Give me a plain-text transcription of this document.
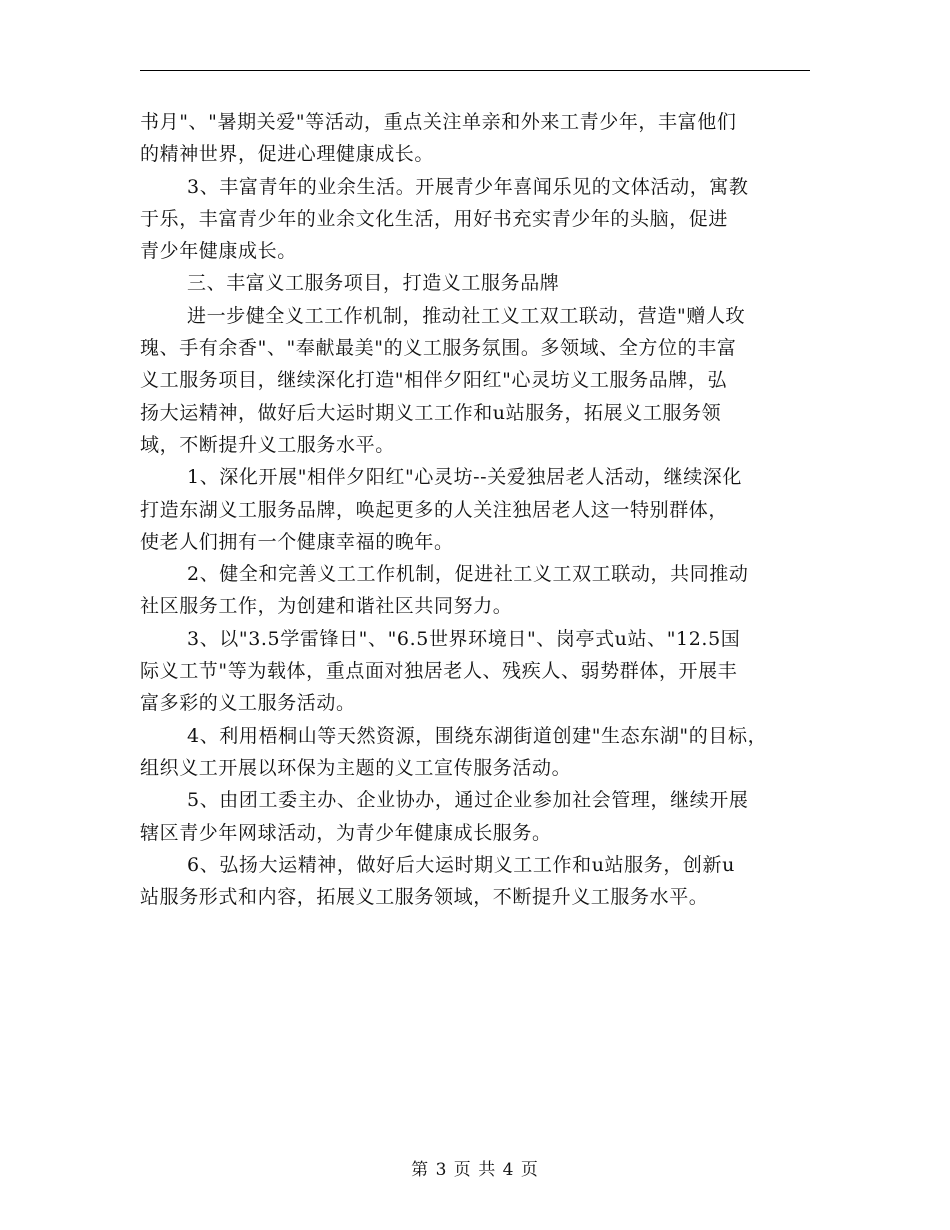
书月"、"暑期关爱"等活动，重点关注单亲和外来工青少年，丰富他们
的精神世界，促进心理健康成长。
3、丰富青年的业余生活。开展青少年喜闻乐见的文体活动，寓教
于乐，丰富青少年的业余文化生活，用好书充实青少年的头脑，促进
青少年健康成长。
三、丰富义工服务项目，打造义工服务品牌
进一步健全义工工作机制，推动社工义工双工联动，营造"赠人玫
瑰、手有余香"、"奉献最美"的义工服务氛围。多领域、全方位的丰富
义工服务项目，继续深化打造"相伴夕阳红"心灵坊义工服务品牌，弘
扬大运精神，做好后大运时期义工工作和u站服务，拓展义工服务领
域，不断提升义工服务水平。
1、深化开展"相伴夕阳红"心灵坊--关爱独居老人活动，继续深化
打造东湖义工服务品牌，唤起更多的人关注独居老人这一特别群体，
使老人们拥有一个健康幸福的晚年。
2、健全和完善义工工作机制，促进社工义工双工联动，共同推动
社区服务工作，为创建和谐社区共同努力。
3、以"3.5学雷锋日"、"6.5世界环境日"、岗亭式u站、"12.5国
际义工节"等为载体，重点面对独居老人、残疾人、弱势群体，开展丰
富多彩的义工服务活动。
4、利用梧桐山等天然资源，围绕东湖街道创建"生态东湖"的目标，
组织义工开展以环保为主题的义工宣传服务活动。
5、由团工委主办、企业协办，通过企业参加社会管理，继续开展
辖区青少年网球活动，为青少年健康成长服务。
6、弘扬大运精神，做好后大运时期义工工作和u站服务，创新u
站服务形式和内容，拓展义工服务领域，不断提升义工服务水平。
第 3 页 共 4 页
